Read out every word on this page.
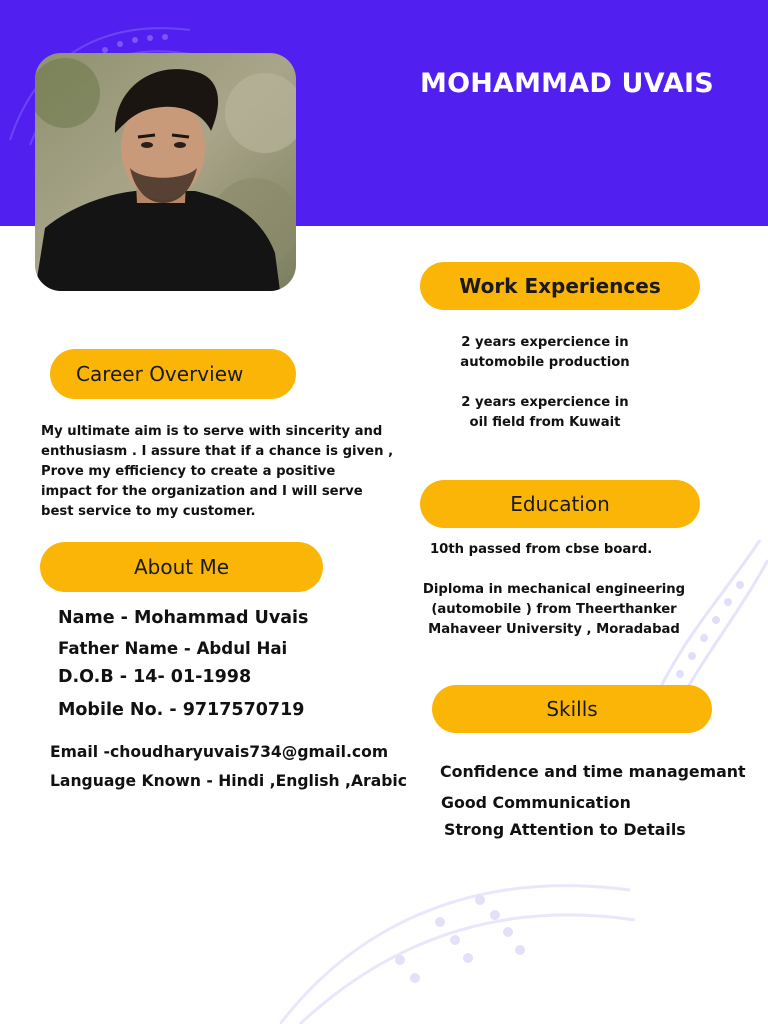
MOHAMMAD UVAIS
Career Overview
My ultimate aim is to serve with sincerity and
enthusiasm . I assure that if a chance is given ,
Prove my efficiency to create a positive
impact for the organization and I will serve
best service to my customer.
About Me
Name - Mohammad Uvais
Father Name - Abdul Hai
D.O.B - 14- 01-1998
Mobile No. - 9717570719
Email -choudharyuvais734@gmail.com
Language Known - Hindi ,English ,Arabic
Work Experiences
2 years expercience in
automobile production
2 years expercience in
oil field from Kuwait
Education
10th passed from cbse board.
Diploma in mechanical engineering
(automobile ) from Theerthanker
Mahaveer University , Moradabad
Skills
Confidence and time managemant
Good Communication
Strong Attention to Details
